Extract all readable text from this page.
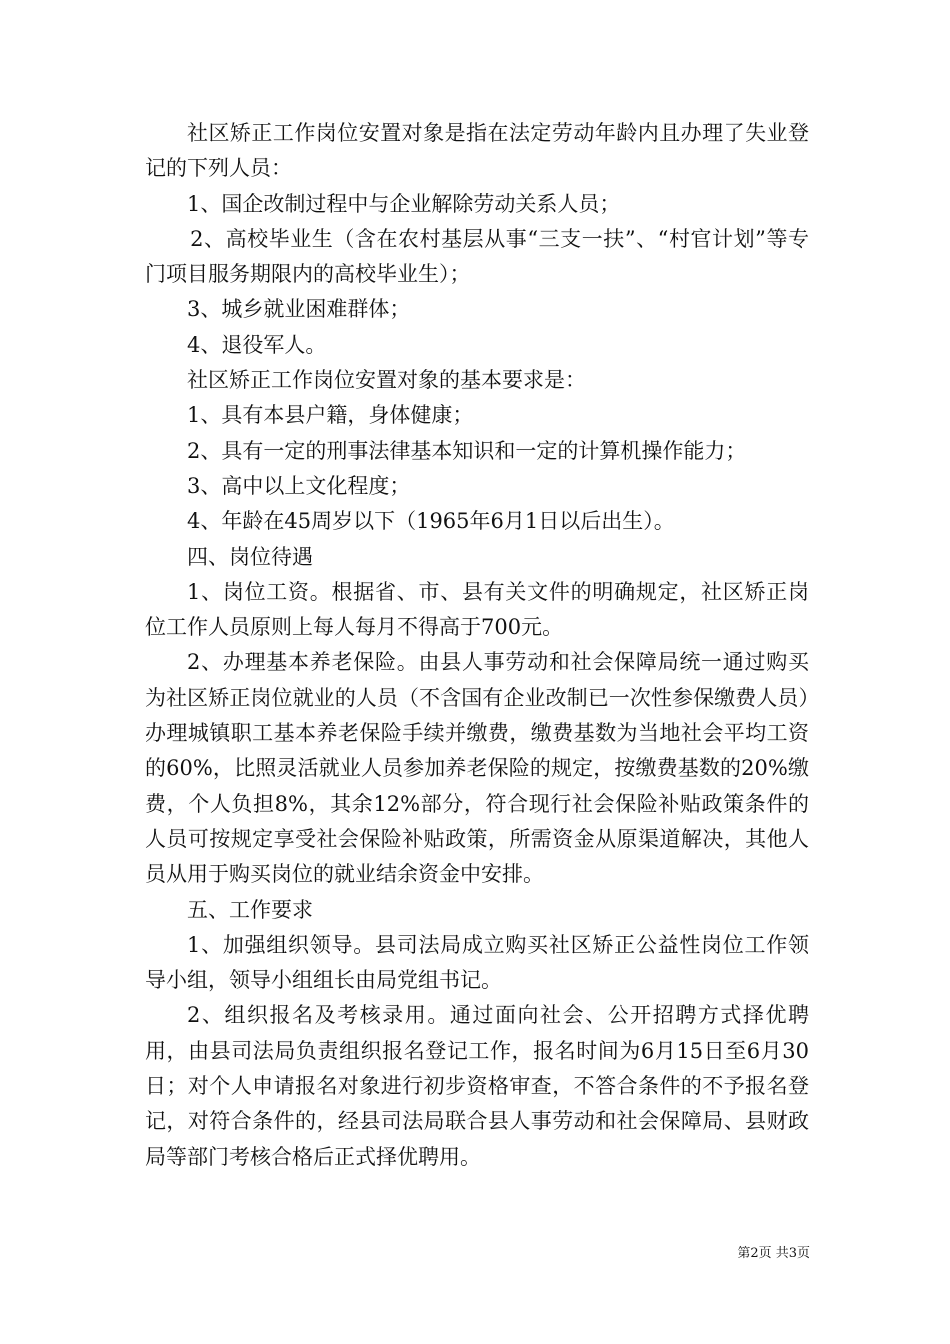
社区矫正工作岗位安置对象是指在法定劳动年龄内且办理了失业登记的下列人员：

1、国企改制过程中与企业解除劳动关系人员；

2、高校毕业生（含在农村基层从事“三支一扶”、“村官计划”等专门项目服务期限内的高校毕业生）；

3、城乡就业困难群体；

4、退役军人。

社区矫正工作岗位安置对象的基本要求是：

1、具有本县户籍，身体健康；

2、具有一定的刑事法律基本知识和一定的计算机操作能力；

3、高中以上文化程度；

4、年龄在45周岁以下（1965年6月1日以后出生）。

四、岗位待遇

1、岗位工资。根据省、市、县有关文件的明确规定，社区矫正岗位工作人员原则上每人每月不得高于700元。

2、办理基本养老保险。由县人事劳动和社会保障局统一通过购买为社区矫正岗位就业的人员（不含国有企业改制已一次性参保缴费人员）办理城镇职工基本养老保险手续并缴费，缴费基数为当地社会平均工资的60%，比照灵活就业人员参加养老保险的规定，按缴费基数的20%缴费，个人负担8%，其余12%部分，符合现行社会保险补贴政策条件的人员可按规定享受社会保险补贴政策，所需资金从原渠道解决，其他人员从用于购买岗位的就业结余资金中安排。

五、工作要求

1、加强组织领导。县司法局成立购买社区矫正公益性岗位工作领导小组，领导小组组长由局党组书记。

2、组织报名及考核录用。通过面向社会、公开招聘方式择优聘用，由县司法局负责组织报名登记工作，报名时间为6月15日至6月30日；对个人申请报名对象进行初步资格审查，不答合条件的不予报名登记，对符合条件的，经县司法局联合县人事劳动和社会保障局、县财政局等部门考核合格后正式择优聘用。

第2页 共3页
